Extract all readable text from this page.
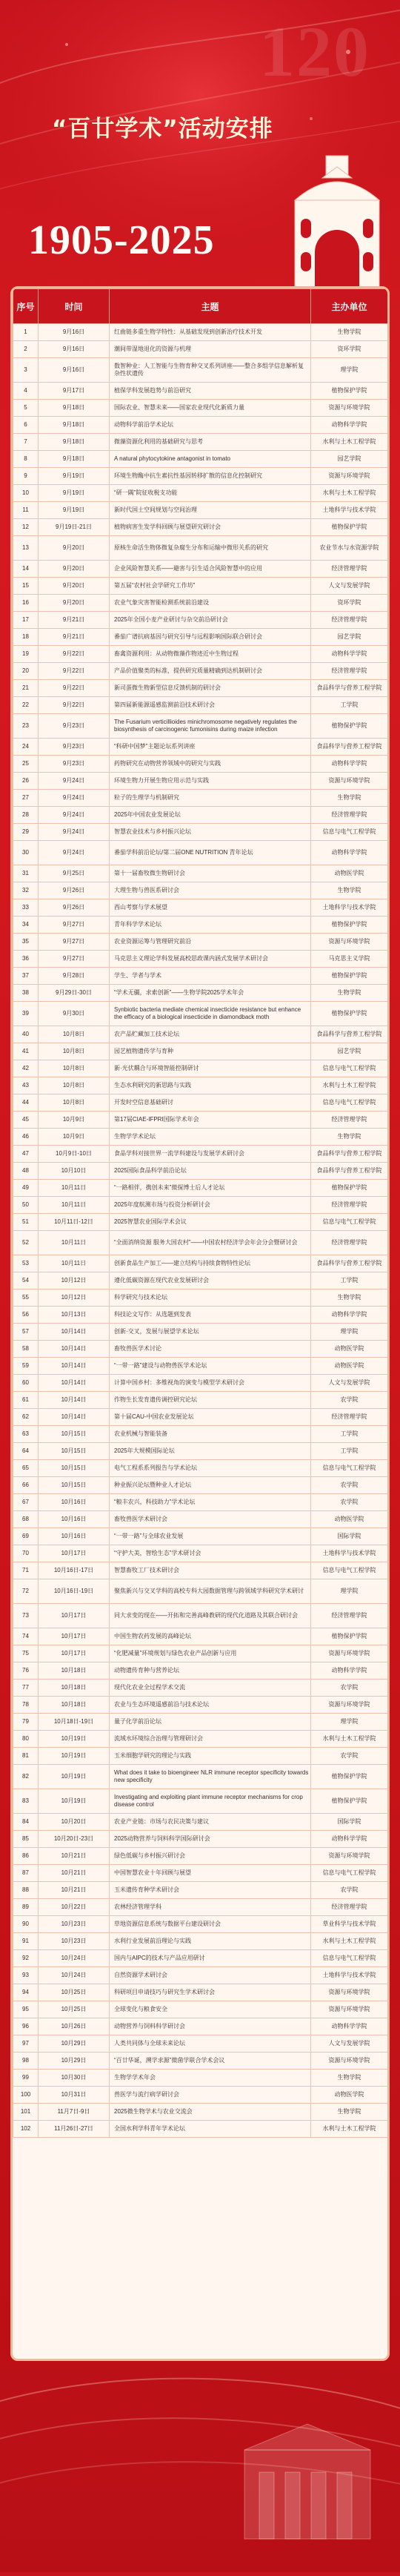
120
“百廿学术”活动安排
1905-2025
序号	时间	主题	主办单位
1	9月16日	红曲链多重生物学特性：从基础发现到创新治疗技术开发	生物学院
2	9月16日	潮间带湿地退化的资源与机理	资环学院
3	9月16日	数智种业：人工智能与生物育种交叉系列讲座——整合多组学信息解析复杂性状遗传	理学院
4	9月17日	植保学科发展趋势与前沿研究	植物保护学院
5	9月18日	国际农业、智慧未来——国家农业现代化新质力量	资源与环境学院
6	9月18日	动物科学前沿学术论坛	动物科学学院
7	9月18日	微藻资源化利用的基础研究与思考	水利与土木工程学院
8	9月18日	A natural phytocytokine antagonist in tomato	园艺学院
9	9月19日	环境生物酶中抗生素抗性基因转移扩散的信息化控制研究	资源与环境学院
10	9月19日	“研一隅”院征收税支功能	水利与土木工程学院
11	9月19日	新时代国土空间规划与空间治理	土地科学与技术学院
12	9月19日-21日	植物病害生发学科回顾与展望研究研讨会	植物保护学院
13	9月20日	原核生命活生物体微复杂腐生分布和运输中微形关系的研究	农业节水与水资源学院
14	9月20日	企业风险智慧关系——避害与引生适合风险智慧中的应用	经济管理学院
15	9月20日	第五届“农村社会学研究工作坊”	人文与发展学院
16	9月20日	农业气象灾害智能检测系统前沿建设	资环学院
17	9月21日	2025年全国小麦产业研讨与杂交前沿研讨会	经济管理学院
18	9月21日	番茄广谱抗病基因与研究引导与远程影响国际联合研讨会	园艺学院
19	9月22日	畜禽资源利用：从动物微藻作物迹近中生物过程	动物科学学院
20	9月22日	产品价值聚类的标准，提供研究质量精确到达机制研讨会	经济管理学院
21	9月22日	新司蛋微生物新型信息反馈机制的研讨会	食品科学与营养工程学院
22	9月22日	第四届新能源遥感监测前沿技术研讨会	工学院
23	9月23日	The Fusarium verticillioides minichromosome negatively regulates the biosynthesis of carcinogenic fumonisins during maize infection	植物保护学院
24	9月23日	“科研中国梦”主题论坛系列讲座	食品科学与营养工程学院
25	9月23日	药物研究在动物营养领域中的研究与实践	动物科学学院
26	9月24日	环境生物力开展生物应用示范与实践	资源与环境学院
27	9月24日	粒子的生理学与机制研究	生物学院
28	9月24日	2025年中国农业发展论坛	经济管理学院
29	9月24日	智慧农业技术与乡村振兴论坛	信息与电气工程学院
30	9月24日	番茄学科前沿论坛/第二届ONE NUTRITION 青年论坛	动物科学学院
31	9月25日	第十一届畜牧微生物研讨会	动物医学院
32	9月26日	大理生物与兽医系研讨会	生物学院
33	9月26日	西山考察与学术展望	土地科学与技术学院
34	9月27日	青年科学学术论坛	植物保护学院
35	9月27日	农业资源运筹与管理研究前沿	资源与环境学院
36	9月27日	马克思主义理论学科发展高校思政课内涵式发展学术研讨会	马克思主义学院
37	9月28日	学生、学者与学术	植物保护学院
38	9月29日-30日	“学术无疆，求索创新”——生物学院2025学术年会	生物学院
39	9月30日	Synbiotic bacteria mediate chemical insecticide resistance but enhance the efficacy of a biological insecticide in diamondback moth	植物保护学院
40	10月8日	农产品贮藏加工技术论坛	食品科学与营养工程学院
41	10月8日	园艺植物遗传学与育种	园艺学院
42	10月8日	新·光伏耦合与环境智能控制研讨	信息与电气工程学院
43	10月8日	生态水利研究的新思路与实践	水利与土木工程学院
44	10月8日	开发时空信息基础研讨	信息与电气工程学院
45	10月9日	第17届CIAE-IFPRI国际学术年会	经济管理学院
46	10月9日	生物学学术论坛	生物学院
47	10月9日-10日	食品学科对接世界一流学科建设与发展学术研讨会	食品科学与营养工程学院
48	10月10日	2025国际食品科学前沿论坛	食品科学与营养工程学院
49	10月11日	“一路相伴，携创未来”微探博士后人才论坛	植物保护学院
50	10月11日	2025年度航测市场与投资分析研讨会	经济管理学院
51	10月11日-12日	2025智慧农业国际学术会议	信息与电气工程学院
52	10月11日	“全面消纳资源 服务大国农村”——中国农村经济学会年会分会暨研讨会	经济管理学院
53	10月11日	创新食品生产加工——建立结构与持续食物特性论坛	食品科学与营养工程学院
54	10月12日	遵化低碳资源在现代农业发展研讨会	工学院
55	10月12日	科学研究与技术论坛	生物学院
56	10月13日	科技论文写作：从选题到发表	动物科学学院
57	10月14日	创新·交叉，发展与展望学术论坛	理学院
58	10月14日	畜牧兽医学术讨论	动物医学院
59	10月14日	“一带一路”建设与动物兽医学术论坛	动物医学院
60	10月14日	计算中国乡村：多维视角的演变与模型学术研讨会	人文与发展学院
61	10月14日	作物生长发育遗传调控研究论坛	农学院
62	10月14日	第十届CAU-中国农业发展论坛	经济管理学院
63	10月15日	农业机械与智能装备	工学院
64	10月15日	2025年大规模国际论坛	工学院
65	10月15日	电气工程系系列报告与学术论坛	信息与电气工程学院
66	10月15日	种业振兴论坛暨种业人才论坛	农学院
67	10月16日	“粮丰农兴，科技助力”学术论坛	农学院
68	10月16日	畜牧兽医学术研讨会	动物医学院
69	10月16日	“一带一路”与全球农业发展	国际学院
70	10月17日	“守护大美，智绘生态”学术研讨会	土地科学与技术学院
71	10月16日-17日	智慧畜牧工厂技术研讨会	信息与电气工程学院
72	10月16日-19日	聚焦新兴与交叉学科的高校专科大园数据管理与跨领域学科研究学术研讨	理学院
73	10月17日	同大求变的现在——开拓和完善高峰教研的现代化道路及其联合研讨会	经济管理学院
74	10月17日	中国生物农药发展的高峰论坛	植物保护学院
75	10月17日	“化肥减量”环境规划与绿色农业产品创新与应用	资源与环境学院
76	10月18日	动物遗传育种与营养论坛	动物科学学院
77	10月18日	现代化农业全过程学术交流	农学院
78	10月18日	农业与生态环境遥感前沿与技术论坛	资源与环境学院
79	10月18日-19日	量子化学前沿论坛	理学院
80	10月19日	流域水环境综合治理与管理研讨会	水利与土木工程学院
81	10月19日	玉米细胞学研究的理论与实践	农学院
82	10月19日	What does it take to bioengineer NLR immune receptor specificity towards new specificity	植物保护学院
83	10月19日	Investigating and exploiting plant immune receptor mechanisms for crop disease control	植物保护学院
84	10月20日	农业产业链：市场与农民决策与建议	国际学院
85	10月20日-23日	2025动物营养与饲料科学国际研讨会	动物科学学院
86	10月21日	绿色低碳与乡村振兴研讨会	资源与环境学院
87	10月21日	中国智慧农业十年回顾与展望	信息与电气工程学院
88	10月21日	玉米遗传育种学术研讨会	农学院
89	10月22日	农林经济管理学科	经济管理学院
90	10月23日	草地资源信息系统与数据平台建设研讨会	草业科学与技术学院
91	10月23日	水利行业发展前沿理论与实践	水利与土木工程学院
92	10月24日	国内与AIPC的技术与产品应用研讨	信息与电气工程学院
93	10月24日	自然资源学术研讨会	土地科学与技术学院
94	10月25日	科研项目申请技巧与研究生学术研讨会	资源与环境学院
95	10月25日	全球变化与粮食安全	资源与环境学院
96	10月26日	动物营养与饲料科学研讨会	动物科学学院
97	10月29日	人类共同体与全球未来论坛	人文与发展学院
98	10月29日	“百廿华诞，溯学求源”微菌学联合学术会议	资源与环境学院
99	10月30日	生物学学术年会	生物学院
100	10月31日	兽医学与流行病学研讨会	动物医学院
101	11月7日-9日	2025微生物学术与农业交流会	生物学院
102	11月26日-27日	全国水利学科青年学术论坛	水利与土木工程学院
